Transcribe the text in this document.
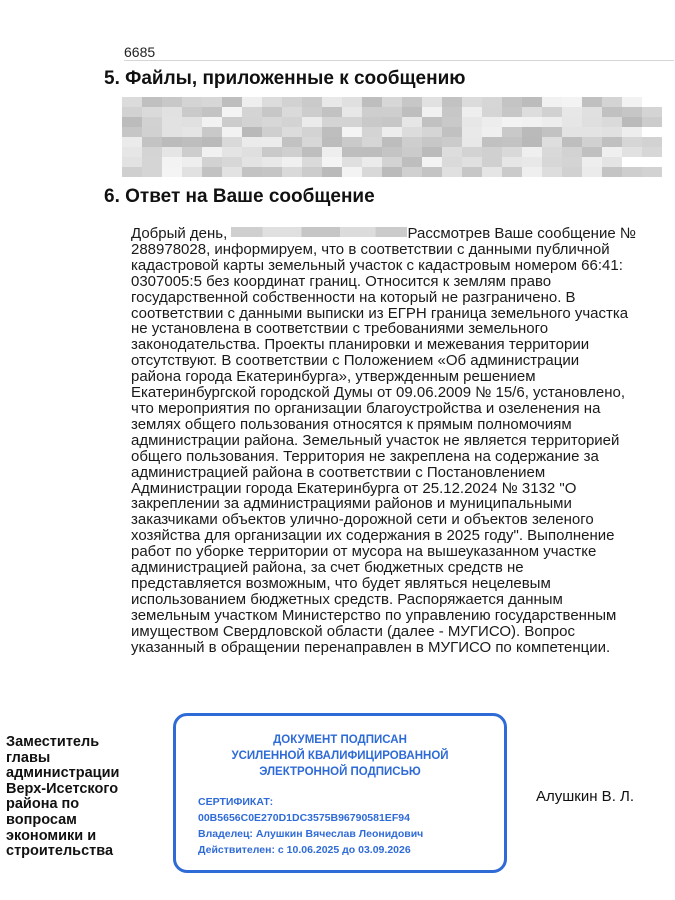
6685
5. Файлы, приложенные к сообщению
6. Ответ на Ваше сообщение

Добрый день,	Рассмотрев Ваше сообщение №
288978028, информируем, что в соответствии с данными публичной
кадастровой карты земельный участок с кадастровым номером 66:41:
0307005:5 без координат границ. Относится к землям право
государственной собственности на который не разграничено. В
соответствии с данными выписки из ЕГРН граница земельного участка
не установлена в соответствии с требованиями земельного
законодательства. Проекты планировки и межевания территории
отсутствуют. В соответствии с Положением «Об администрации
района города Екатеринбурга», утвержденным решением
Екатеринбургской городской Думы от 09.06.2009 № 15/6, установлено,
что мероприятия по организации благоустройства и озеленения на
землях общего пользования относятся к прямым полномочиям
администрации района. Земельный участок не является территорией
общего пользования. Территория не закреплена на содержание за
администрацией района в соответствии с Постановлением
Администрации города Екатеринбурга от 25.12.2024 № 3132 "О
закреплении за администрациями районов и муниципальными
заказчиками объектов улично-дорожной сети и объектов зеленого
хозяйства для организации их содержания в 2025 году". Выполнение
работ по уборке территории от мусора на вышеуказанном участке
администрацией района, за счет бюджетных средств не
представляется возможным, что будет являться нецелевым
использованием бюджетных средств. Распоряжается данным
земельным участком Министерство по управлению государственным
имуществом Свердловской области (далее - МУГИСО). Вопрос
указанный в обращении перенаправлен в МУГИСО по компетенции.

Заместитель
главы
администрации
Верх-Исетского
района по
вопросам
экономики и
строительства

ДОКУМЕНТ ПОДПИСАН
УСИЛЕННОЙ КВАЛИФИЦИРОВАННОЙ
ЭЛЕКТРОННОЙ ПОДПИСЬЮ

СЕРТИФИКАТ:
00B5656C0E270D1DC3575B96790581EF94
Владелец: Алушкин Вячеслав Леонидович
Действителен: с 10.06.2025 до 03.09.2026

Алушкин В. Л.
